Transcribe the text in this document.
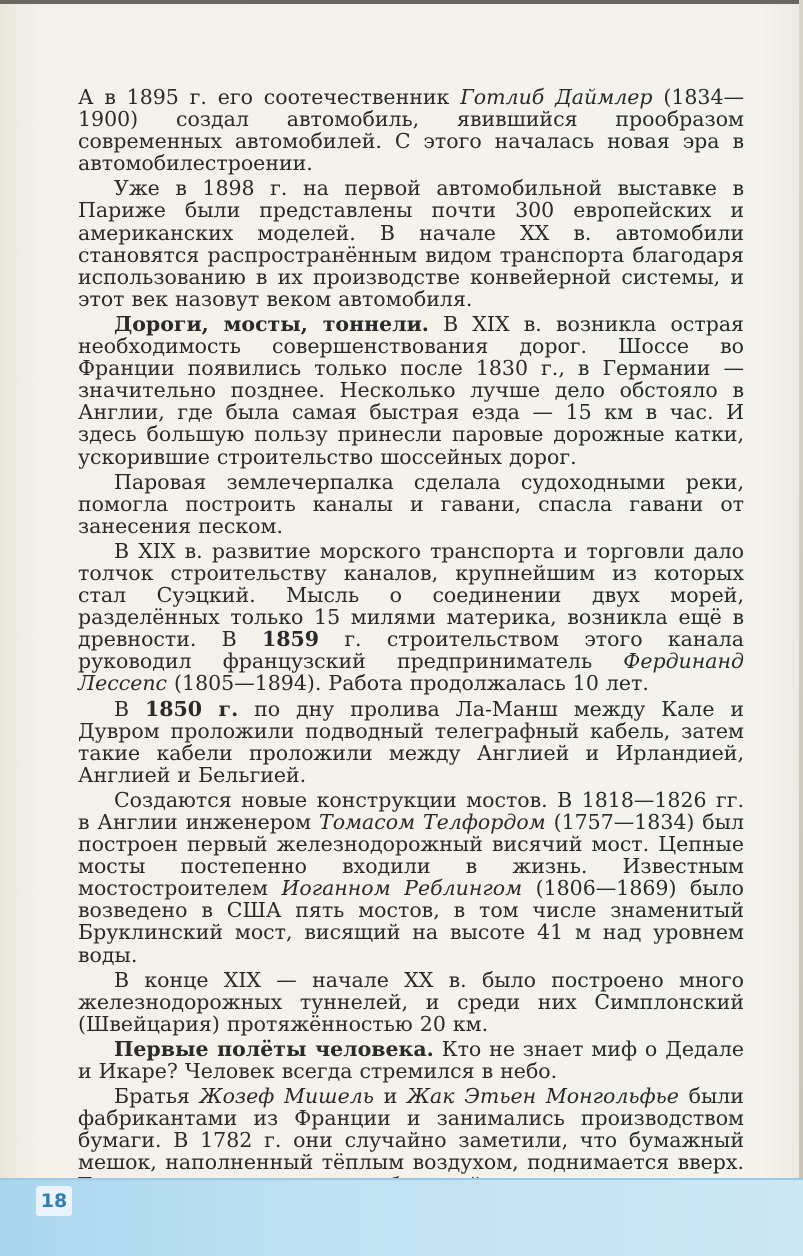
А в 1895 г. его соотечественник Готлиб Даймлер (1834—1900) создал автомобиль, явившийся прообразом современных автомобилей. С этого началась новая эра в автомобилестроении.

Уже в 1898 г. на первой автомобильной выставке в Париже были представлены почти 300 европейских и американских моделей. В начале XX в. автомобили становятся распространённым видом транспорта благодаря использованию в их производстве конвейерной системы, и этот век назовут веком автомобиля.

Дороги, мосты, тоннели. В XIX в. возникла острая необходимость совершенствования дорог. Шоссе во Франции появились только после 1830 г., в Германии — значительно позднее. Несколько лучше дело обстояло в Англии, где была самая быстрая езда — 15 км в час. И здесь большую пользу принесли паровые дорожные катки, ускорившие строительство шоссейных дорог.

Паровая землечерпалка сделала судоходными реки, помогла построить каналы и гавани, спасла гавани от занесения песком.

В XIX в. развитие морского транспорта и торговли дало толчок строительству каналов, крупнейшим из которых стал Суэцкий. Мысль о соединении двух морей, разделённых только 15 милями материка, возникла ещё в древности. В 1859 г. строительством этого канала руководил французский предприниматель Фердинанд Лессепс (1805—1894). Работа продолжалась 10 лет.

В 1850 г. по дну пролива Ла-Манш между Кале и Дувром проложили подводный телеграфный кабель, затем такие кабели проложили между Англией и Ирландией, Англией и Бельгией.

Создаются новые конструкции мостов. В 1818—1826 гг. в Англии инженером Томасом Телфордом (1757—1834) был построен первый железнодорожный висячий мост. Цепные мосты постепенно входили в жизнь. Известным мостостроителем Иоганном Реблингом (1806—1869) было возведено в США пять мостов, в том числе знаменитый Бруклинский мост, висящий на высоте 41 м над уровнем воды.

В конце XIX — начале XX в. было построено много железнодорожных туннелей, и среди них Симплонский (Швейцария) протяжённостью 20 км.

Первые полёты человека. Кто не знает миф о Дедале и Икаре? Человек всегда стремился в небо.

Братья Жозеф Мишель и Жак Этьен Монгольфье были фабрикантами из Франции и занимались производством бумаги. В 1782 г. они случайно заметили, что бумажный мешок, наполненный тёплым воздухом, поднимается вверх.

18
